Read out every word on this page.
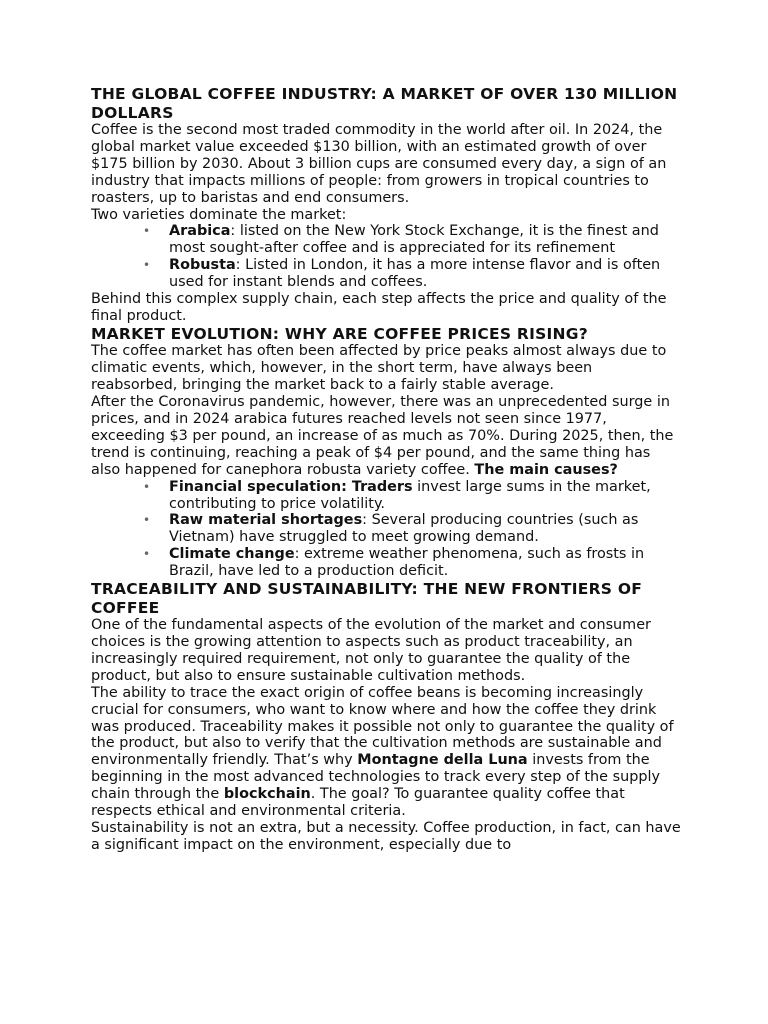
THE GLOBAL COFFEE INDUSTRY: A MARKET OF OVER 130 MILLION DOLLARS

Coffee is the second most traded commodity in the world after oil. In 2024, the global market value exceeded $130 billion, with an estimated growth of over $175 billion by 2030. About 3 billion cups are consumed every day, a sign of an industry that impacts millions of people: from growers in tropical countries to roasters, up to baristas and end consumers.

Two varieties dominate the market:

• Arabica: listed on the New York Stock Exchange, it is the finest and most sought-after coffee and is appreciated for its refinement
• Robusta: Listed in London, it has a more intense flavor and is often used for instant blends and coffees.

Behind this complex supply chain, each step affects the price and quality of the final product.

MARKET EVOLUTION: WHY ARE COFFEE PRICES RISING?

The coffee market has often been affected by price peaks almost always due to climatic events, which, however, in the short term, have always been reabsorbed, bringing the market back to a fairly stable average.

After the Coronavirus pandemic, however, there was an unprecedented surge in prices, and in 2024 arabica futures reached levels not seen since 1977, exceeding $3 per pound, an increase of as much as 70%. During 2025, then, the trend is continuing, reaching a peak of $4 per pound, and the same thing has also happened for canephora robusta variety coffee. The main causes?

• Financial speculation: Traders invest large sums in the market, contributing to price volatility.
• Raw material shortages: Several producing countries (such as Vietnam) have struggled to meet growing demand.
• Climate change: extreme weather phenomena, such as frosts in Brazil, have led to a production deficit.
TRACEABILITY AND SUSTAINABILITY: THE NEW FRONTIERS OF COFFEE

One of the fundamental aspects of the evolution of the market and consumer choices is the growing attention to aspects such as product traceability, an increasingly required requirement, not only to guarantee the quality of the product, but also to ensure sustainable cultivation methods.

The ability to trace the exact origin of coffee beans is becoming increasingly crucial for consumers, who want to know where and how the coffee they drink was produced. Traceability makes it possible not only to guarantee the quality of the product, but also to verify that the cultivation methods are sustainable and environmentally friendly. That’s why Montagne della Luna invests from the beginning in the most advanced technologies to track every step of the supply chain through the blockchain. The goal? To guarantee quality coffee that respects ethical and environmental criteria.

Sustainability is not an extra, but a necessity. Coffee production, in fact, can have a significant impact on the environment, especially due to
